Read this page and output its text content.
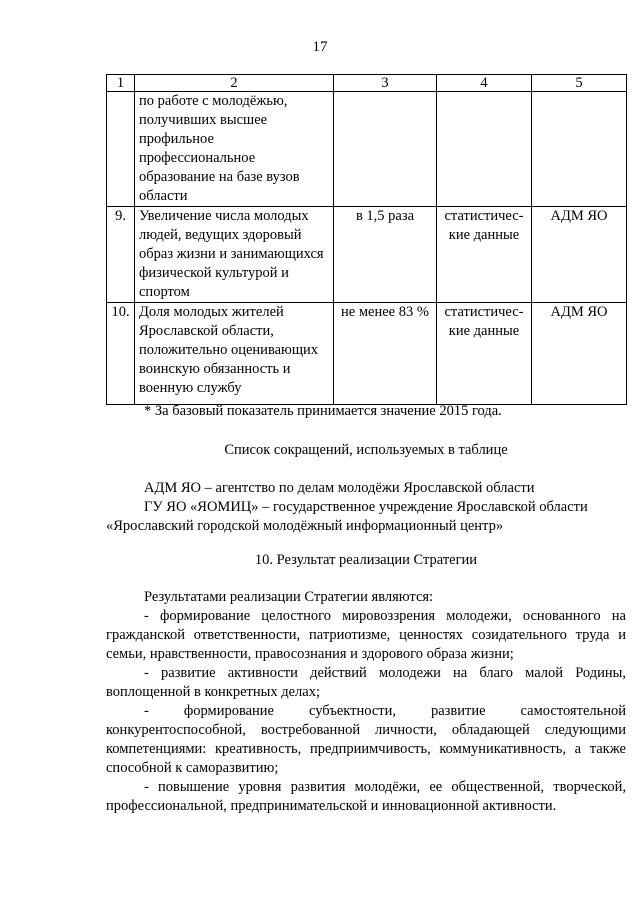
17
1	2	3	4	5
	по работе с молодёжью, получивших высшее профильное профессиональное образование на базе вузов области			
9.	Увеличение числа молодых людей, ведущих здоровый образ жизни и занимающихся физической культурой и спортом	в 1,5 раза	статистичес-кие данные	АДМ ЯО
10.	Доля молодых жителей Ярославской области, положительно оценивающих воинскую обязанность и военную службу	не менее 83 %	статистичес-кие данные	АДМ ЯО
* За базовый показатель принимается значение 2015 года.
Список сокращений, используемых в таблице
АДМ ЯО – агентство по делам молодёжи Ярославской области
ГУ ЯО «ЯОМИЦ» – государственное учреждение Ярославской области
«Ярославский городской молодёжный информационный центр»
10. Результат реализации Стратегии
Результатами реализации Стратегии являются:

- формирование целостного мировоззрения молодежи, основанного на гражданской ответственности, патриотизме, ценностях созидательного труда и семьи, нравственности, правосознания и здорового образа жизни;

- развитие активности действий молодежи на благо малой Родины, воплощенной в конкретных делах;

- формирование субъектности, развитие самостоятельной конкурентоспособной, востребованной личности, обладающей следующими компетенциями: креативность, предприимчивость, коммуникативность, а также способной к саморазвитию;

- повышение уровня развития молодёжи, ее общественной, творческой, профессиональной, предпринимательской и инновационной активности.
